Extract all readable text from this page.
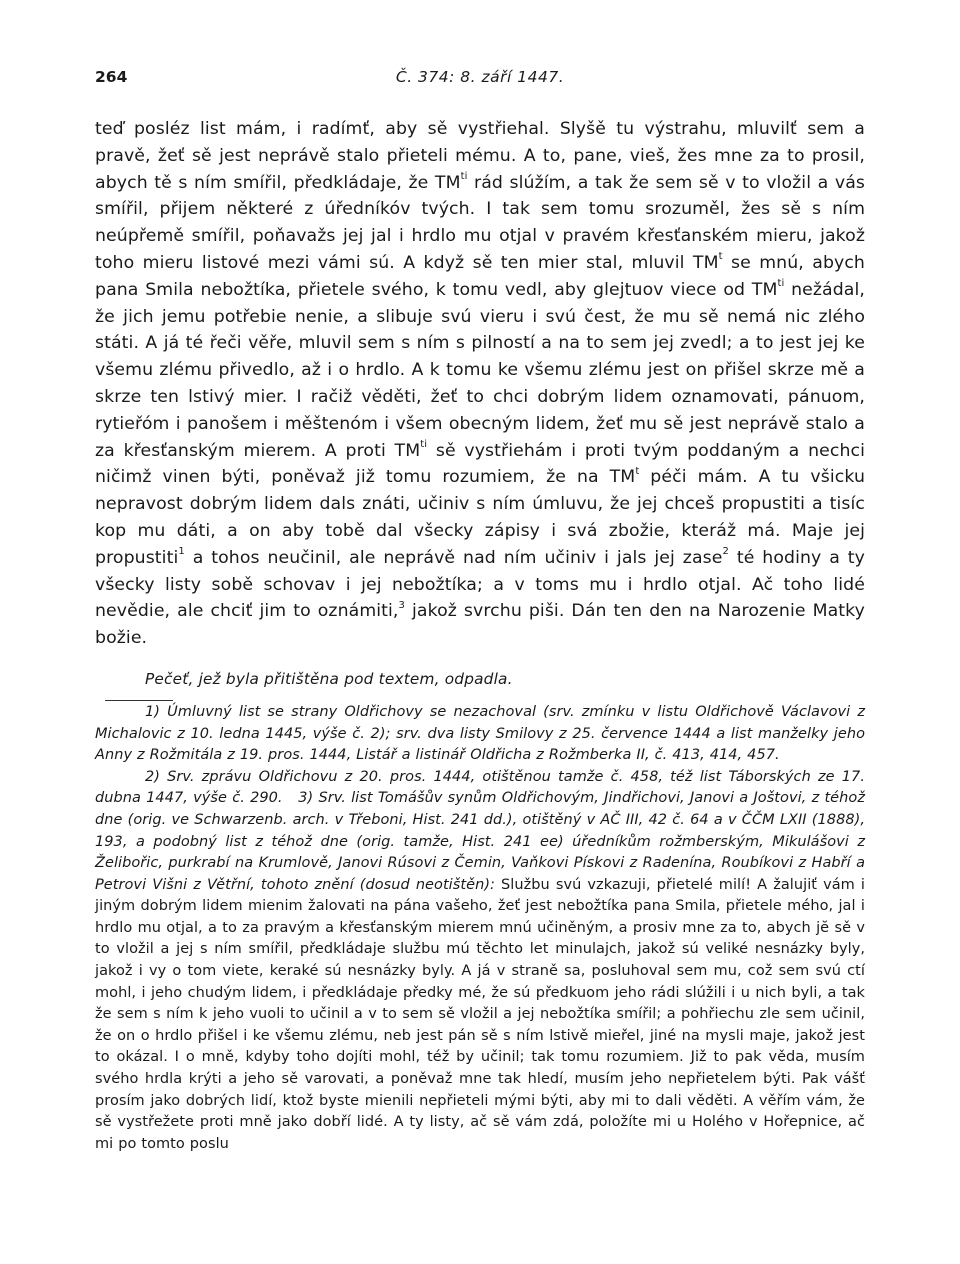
264	Č. 374: 8. září 1447.

teď posléz list mám, i radímť, aby sě vystřiehal. Slyšě tu výstrahu, mluvilť sem a pravě, žeť sě jest neprávě stalo přieteli mému. A to, pane, vieš, žes mne za to prosil, abych tě s ním smířil, předkládaje, že $TM^{ti}$ rád slúžím, a tak že sem sě v to vložil a vás smířil, přijem některé z úředníkóv tvých. I tak sem tomu srozuměl, žes sě s ním neúpřemě smířil, poňavažs jej jal i hrdlo mu otjal v pravém křesťanském mieru, jakož toho mieru listové mezi vámi sú. A když sě ten mier stal, mluvil $TM^t$ se mnú, abych pana Smila nebožtíka, přietele svého, k tomu vedl, aby glejtuov viece od $TM^{ti}$ nežádal, že jich jemu potřebie nenie, a slibuje svú vieru i svú čest, že mu sě nemá nic zlého státi. A já té řeči věře, mluvil sem s ním s pilností a na to sem jej zvedl; a to jest jej ke všemu zlému přivedlo, až i o hrdlo. A k tomu ke všemu zlému jest on přišel skrze mě a skrze ten lstivý mier. I račiž věděti, žeť to chci dobrým lidem oznamovati, pánuom, rytieřóm i panošem i měštenóm i všem obecným lidem, žeť mu sě jest neprávě stalo a za křesťanským mierem. A proti $TM^{ti}$ sě vystřiehám i proti tvým poddaným a nechci ničimž vinen býti, poněvaž již tomu rozumiem, že na $TM^t$ péči mám. A tu všicku nepravost dobrým lidem dals znáti, učiniv s ním úmluvu, že jej chceš propustiti a tisíc kop mu dáti, a on aby tobě dal všecky zápisy i svá zbožie, kteráž má. Maje jej propustiti$^1$ a tohos neučinil, ale neprávě nad ním učiniv i jals jej zase$^2$ té hodiny a ty všecky listy sobě schovav i jej nebožtíka; a v toms mu i hrdlo otjal. Ač toho lidé nevědie, ale chciť jim to oznámiti,$^3$ jakož svrchu piši. Dán ten den na Narozenie Matky božie.

Pečeť, jež byla přitištěna pod textem, odpadla.
1) Úmluvný list se strany Oldřichovy se nezachoval (srv. zmínku v listu Oldřichově Václavovi z Michalovic z 10. ledna 1445, výše č. 2); srv. dva listy Smilovy z 25. července 1444 a list manželky jeho Anny z Rožmitála z 19. pros. 1444, Listář a listinář Oldřicha z Rožmberka II, č. 413, 414, 457.
2) Srv. zprávu Oldřichovu z 20. pros. 1444, otištěnou tamže č. 458, též list Táborských ze 17. dubna 1447, výše č. 290. 3) Srv. list Tomášův synům Oldřichovým, Jindřichovi, Janovi a Joštovi, z téhož dne (orig. ve Schwarzenb. arch. v Třeboni, Hist. 241 dd.), otištěný v AČ III, 42 č. 64 a v ČČM LXII (1888), 193, a podobný list z téhož dne (orig. tamže, Hist. 241 ee) úředníkům rožmberským, Mikulášovi z Želibořic, purkrabí na Krumlově, Janovi Rúsovi z Čemin, Vaňkovi Pískovi z Radenína, Roubíkovi z Habří a Petrovi Višni z Větřní, tohoto znění (dosud neotištěn): Službu svú vzkazuji, přietelé milí! A žalujiť vám i jiným dobrým lidem mienim žalovati na pána vašeho, žeť jest nebožtíka pana Smila, přietele mého, jal i hrdlo mu otjal, a to za pravým a křesťanským mierem mnú učiněným, a prosiv mne za to, abych jĕ sě v to vložil a jej s ním smířil, předkládaje službu mú těchto let minulajch, jakož sú veliké nesnázky byly, jakož i vy o tom viete, keraké sú nesnázky byly. A já v straně sa, posluhoval sem mu, což sem svú ctí mohl, i jeho chudým lidem, i předkládaje předky mé, že sú předkuom jeho rádi slúžili i u nich byli, a tak že sem s ním k jeho vuoli to učinil a v to sem sě vložil a jej nebožtíka smířil; a pohřiechu zle sem učinil, že on o hrdlo přišel i ke všemu zlému, neb jest pán sě s ním lstivě mieřel, jiné na mysli maje, jakož jest to okázal. I o mně, kdyby toho dojíti mohl, též by učinil; tak tomu rozumiem. Již to pak věda, musím svého hrdla krýti a jeho sě varovati, a poněvaž mne tak hledí, musím jeho nepřietelem býti. Pak vášť prosím jako dobrých lidí, ktož byste mienili nepřieteli mými býti, aby mi to dali věděti. A věřím vám, že sě vystřežete proti mně jako dobří lidé. A ty listy, ač sě vám zdá, položíte mi u Holého v Hořepnice, ač mi po tomto poslu
